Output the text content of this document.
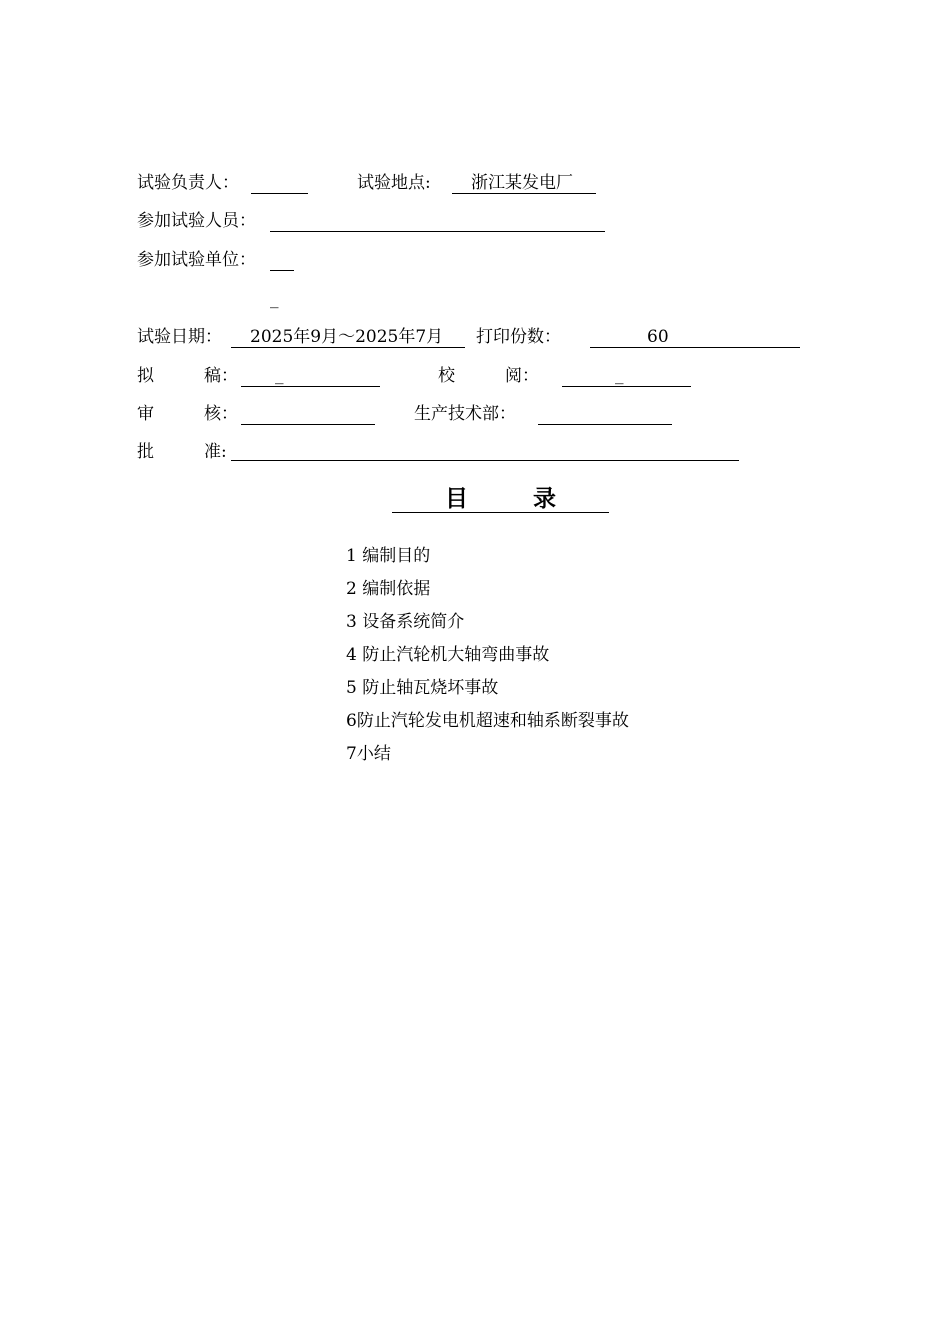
试验负责人：	试验地点: 浙江某发电厂
参加试验人员：
参加试验单位：
_
试验日期： 2025年9月～2025年7月 打印份数：	60
拟	稿： _	校	阅：	_
审	核：	生产技术部：
批	准:
目	录
1 编制目的
2 编制依据
3 设备系统简介
4 防止汽轮机大轴弯曲事故
5 防止轴瓦烧坏事故
6防止汽轮发电机超速和轴系断裂事故
7小结
